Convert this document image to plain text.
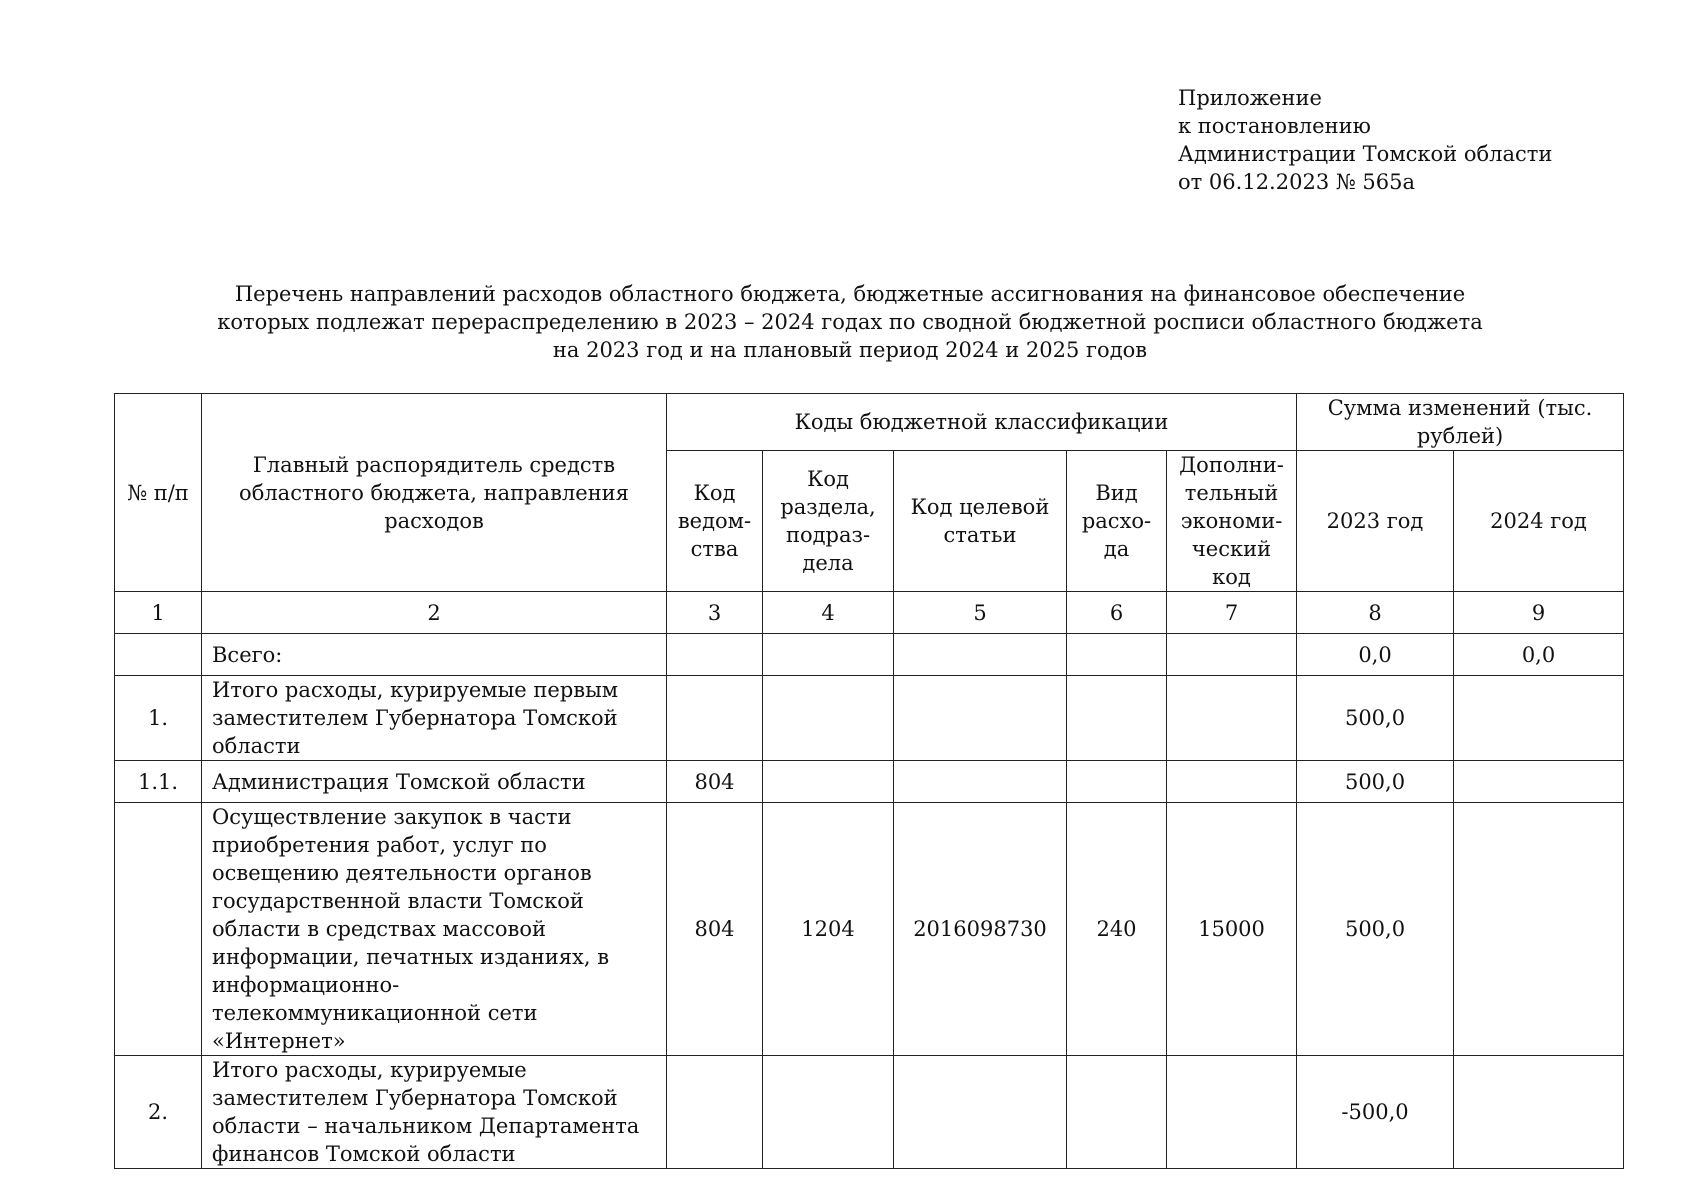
Приложение
к постановлению
Администрации Томской области
от 06.12.2023 № 565а
Перечень направлений расходов областного бюджета, бюджетные ассигнования на финансовое обеспечение
которых подлежат перераспределению в 2023 – 2024 годах по сводной бюджетной росписи областного бюджета
на 2023 год и на плановый период 2024 и 2025 годов
№ п/п	Главный распорядитель средств областного бюджета, направления расходов	Коды бюджетной классификации					Сумма изменений (тыс. рублей)	
		Код ведом-ства	Код раздела, подраз-дела	Код целевой статьи	Вид расхо-да	Дополни-тельный экономи-ческий код	2023 год	2024 год
1	2	3	4	5	6	7	8	9
	Всего:						0,0	0,0
1.	Итого расходы, курируемые первым заместителем Губернатора Томской области						500,0	
1.1.	Администрация Томской области	804					500,0	
	Осуществление закупок в части приобретения работ, услуг по освещению деятельности органов государственной власти Томской области в средствах массовой информации, печатных изданиях, в информационно-телекоммуникационной сети «Интернет»	804	1204	2016098730	240	15000	500,0	
2.	Итого расходы, курируемые заместителем Губернатора Томской области – начальником Департамента финансов Томской области						-500,0	
